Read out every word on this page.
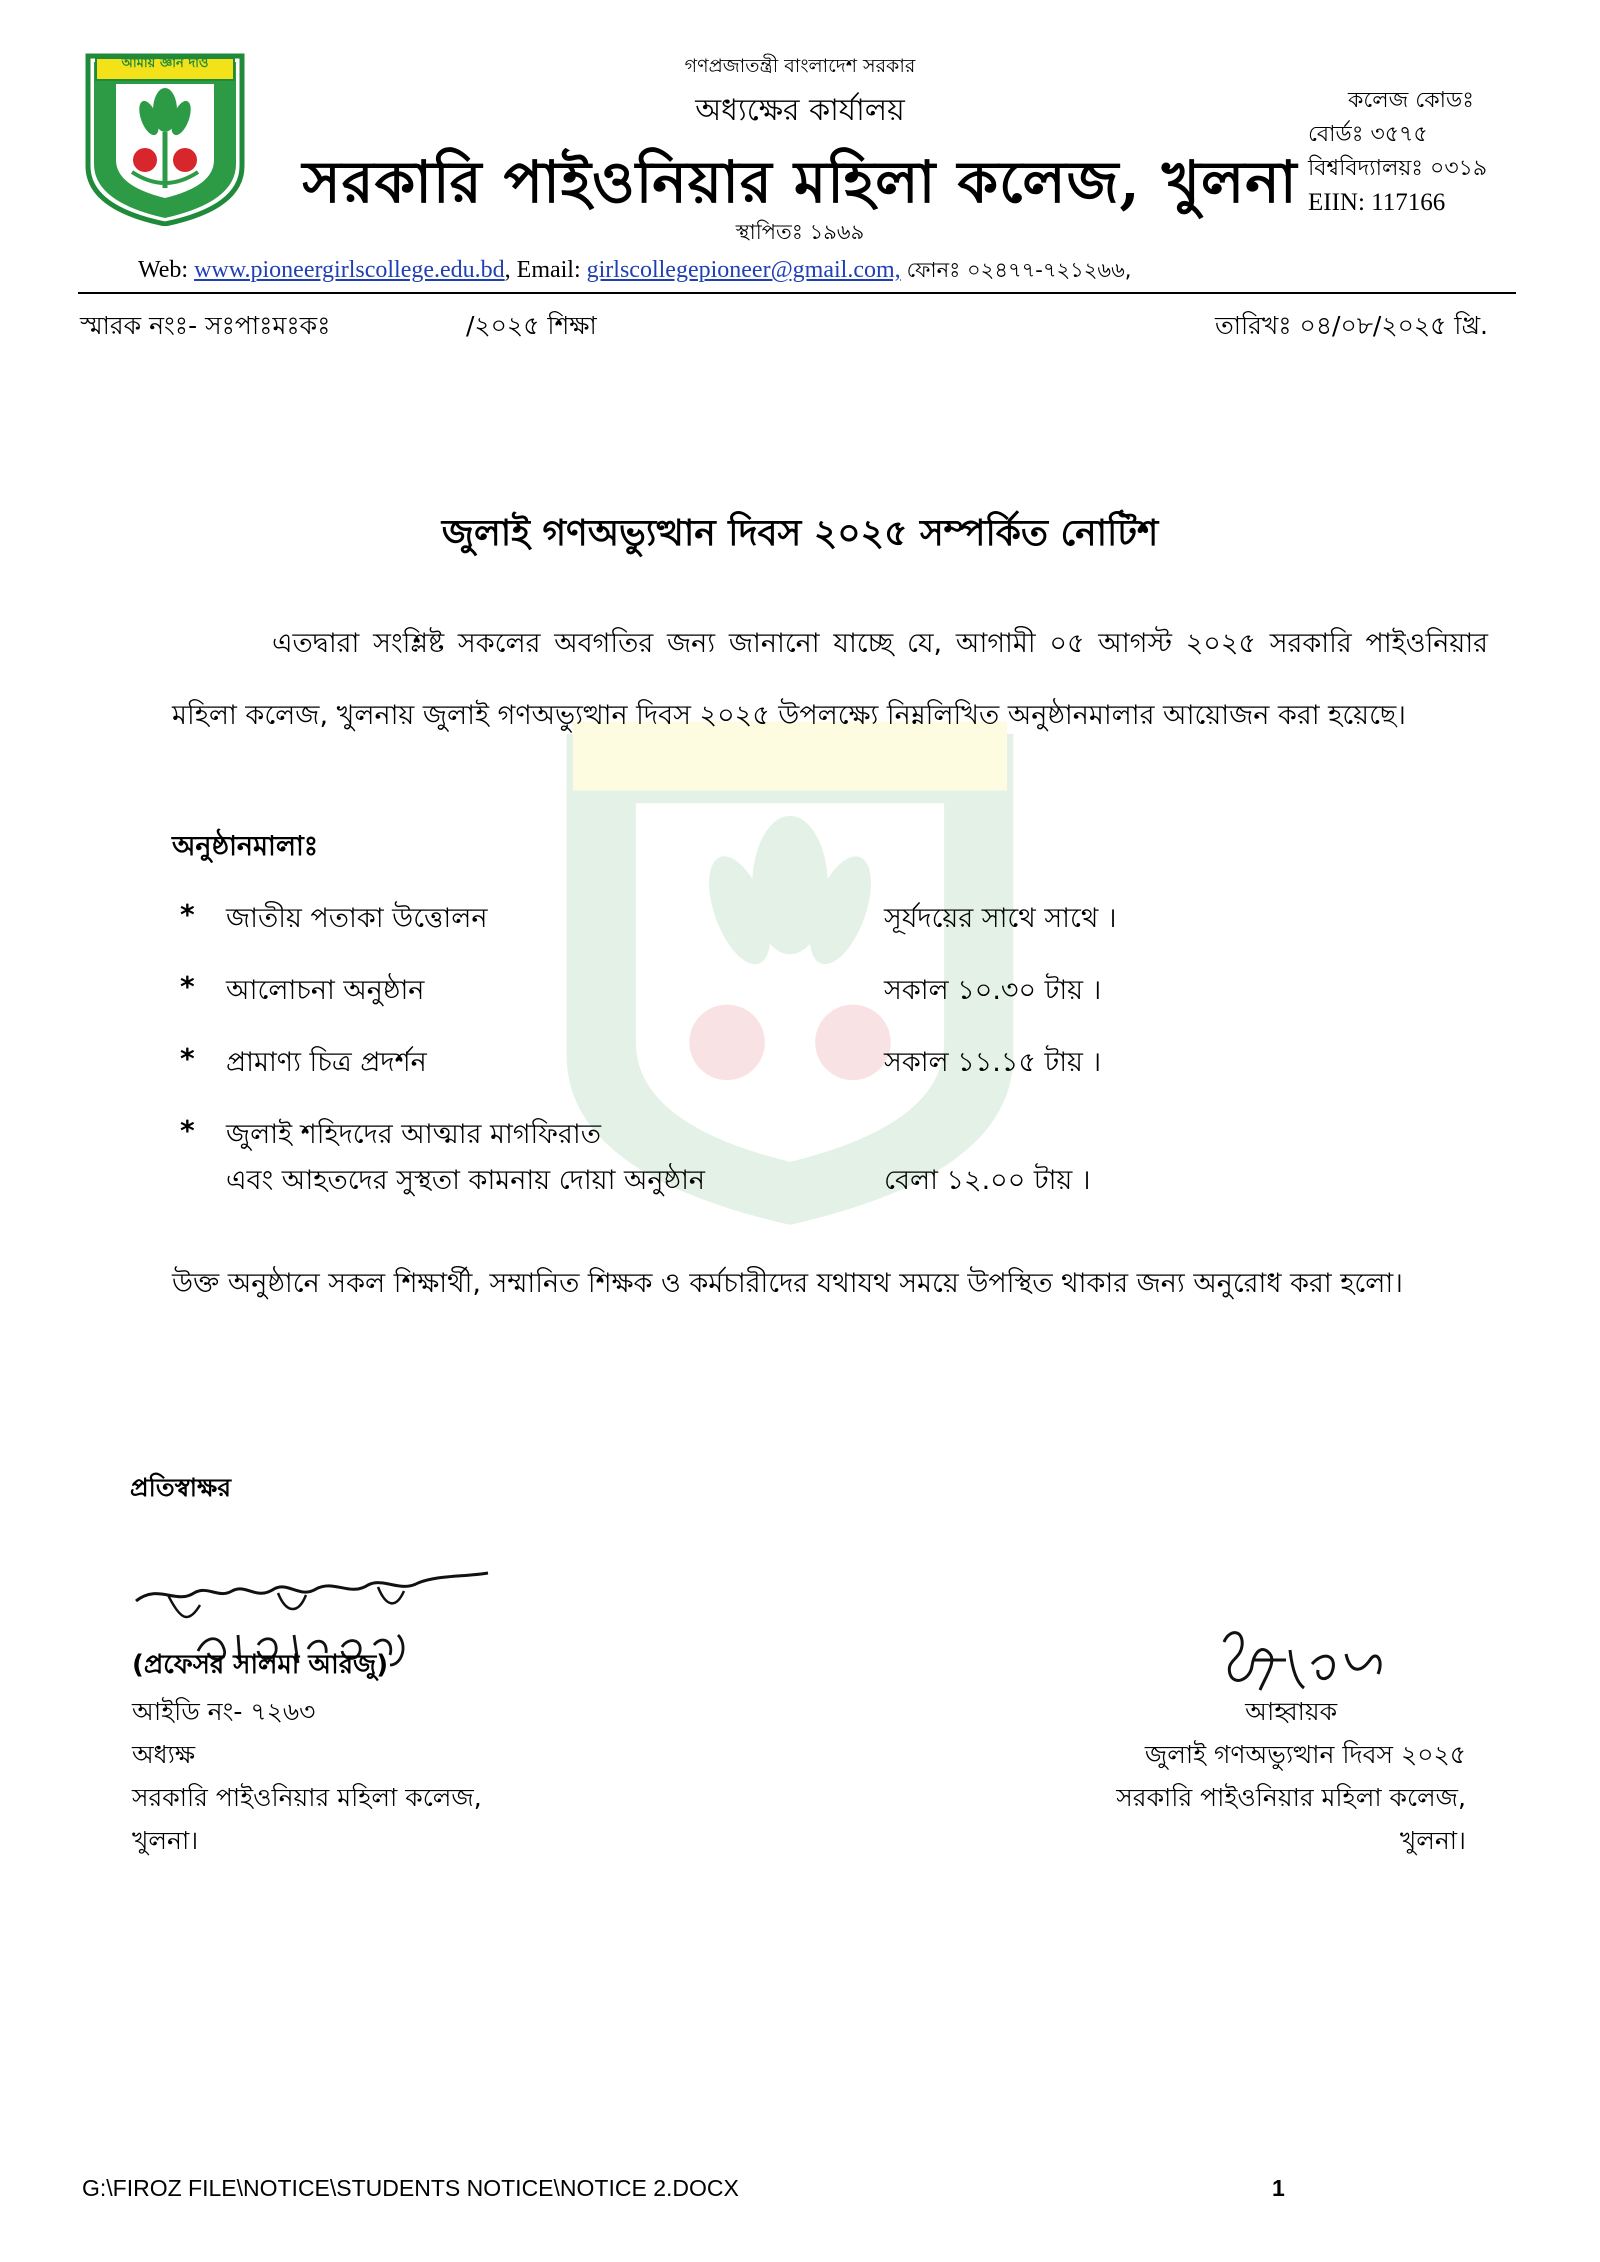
আমায় জ্ঞান দাও	গণপ্রজাতন্ত্রী বাংলাদেশ সরকার
অধ্যক্ষের কার্যালয়
সরকারি পাইওনিয়ার মহিলা কলেজ, খুলনা
স্থাপিতঃ ১৯৬৯
কলেজ কোডঃ
বোর্ডঃ ৩৫৭৫
বিশ্ববিদ্যালয়ঃ ০৩১৯
EIIN: 117166
Web: www.pioneergirlscollege.edu.bd, Email: girlscollegepioneer@gmail.com, ফোনঃ ০২৪৭৭-৭২১২৬৬,
স্মারক নংঃ- সঃপাঃমঃকঃ	/২০২৫ শিক্ষা	তারিখঃ ০৪/০৮/২০২৫ খ্রি.
জুলাই গণঅভ্যুত্থান দিবস ২০২৫ সম্পর্কিত নোটিশ
এতদ্বারা সংশ্লিষ্ট সকলের অবগতির জন্য জানানো যাচ্ছে যে, আগামী ০৫ আগস্ট ২০২৫ সরকারি পাইওনিয়ার মহিলা কলেজ, খুলনায় জুলাই গণঅভ্যুত্থান দিবস ২০২৫ উপলক্ষ্যে নিম্নলিখিত অনুষ্ঠানমালার আয়োজন করা হয়েছে।
অনুষ্ঠানমালাঃ
* জাতীয় পতাকা উত্তোলন	সূর্যদয়ের সাথে সাথে ।
* আলোচনা অনুষ্ঠান	সকাল ১০.৩০ টায় ।
* প্রামাণ্য চিত্র প্রদর্শন	সকাল ১১.১৫ টায় ।
* জুলাই শহিদদের আত্মার মাগফিরাত
এবং আহতদের সুস্থতা কামনায় দোয়া অনুষ্ঠান	বেলা ১২.০০ টায় ।
উক্ত অনুষ্ঠানে সকল শিক্ষার্থী, সম্মানিত শিক্ষক ও কর্মচারীদের যথাযথ সময়ে উপস্থিত থাকার জন্য অনুরোধ করা হলো।
প্রতিস্বাক্ষর
(প্রফেসর সালমা আরজু)
আইডি নং- ৭২৬৩
অধ্যক্ষ
সরকারি পাইওনিয়ার মহিলা কলেজ,
খুলনা।
আহ্বায়ক
জুলাই গণঅভ্যুত্থান দিবস ২০২৫
সরকারি পাইওনিয়ার মহিলা কলেজ,
খুলনা।
G:\FIROZ FILE\NOTICE\STUDENTS NOTICE\NOTICE 2.DOCX	1
